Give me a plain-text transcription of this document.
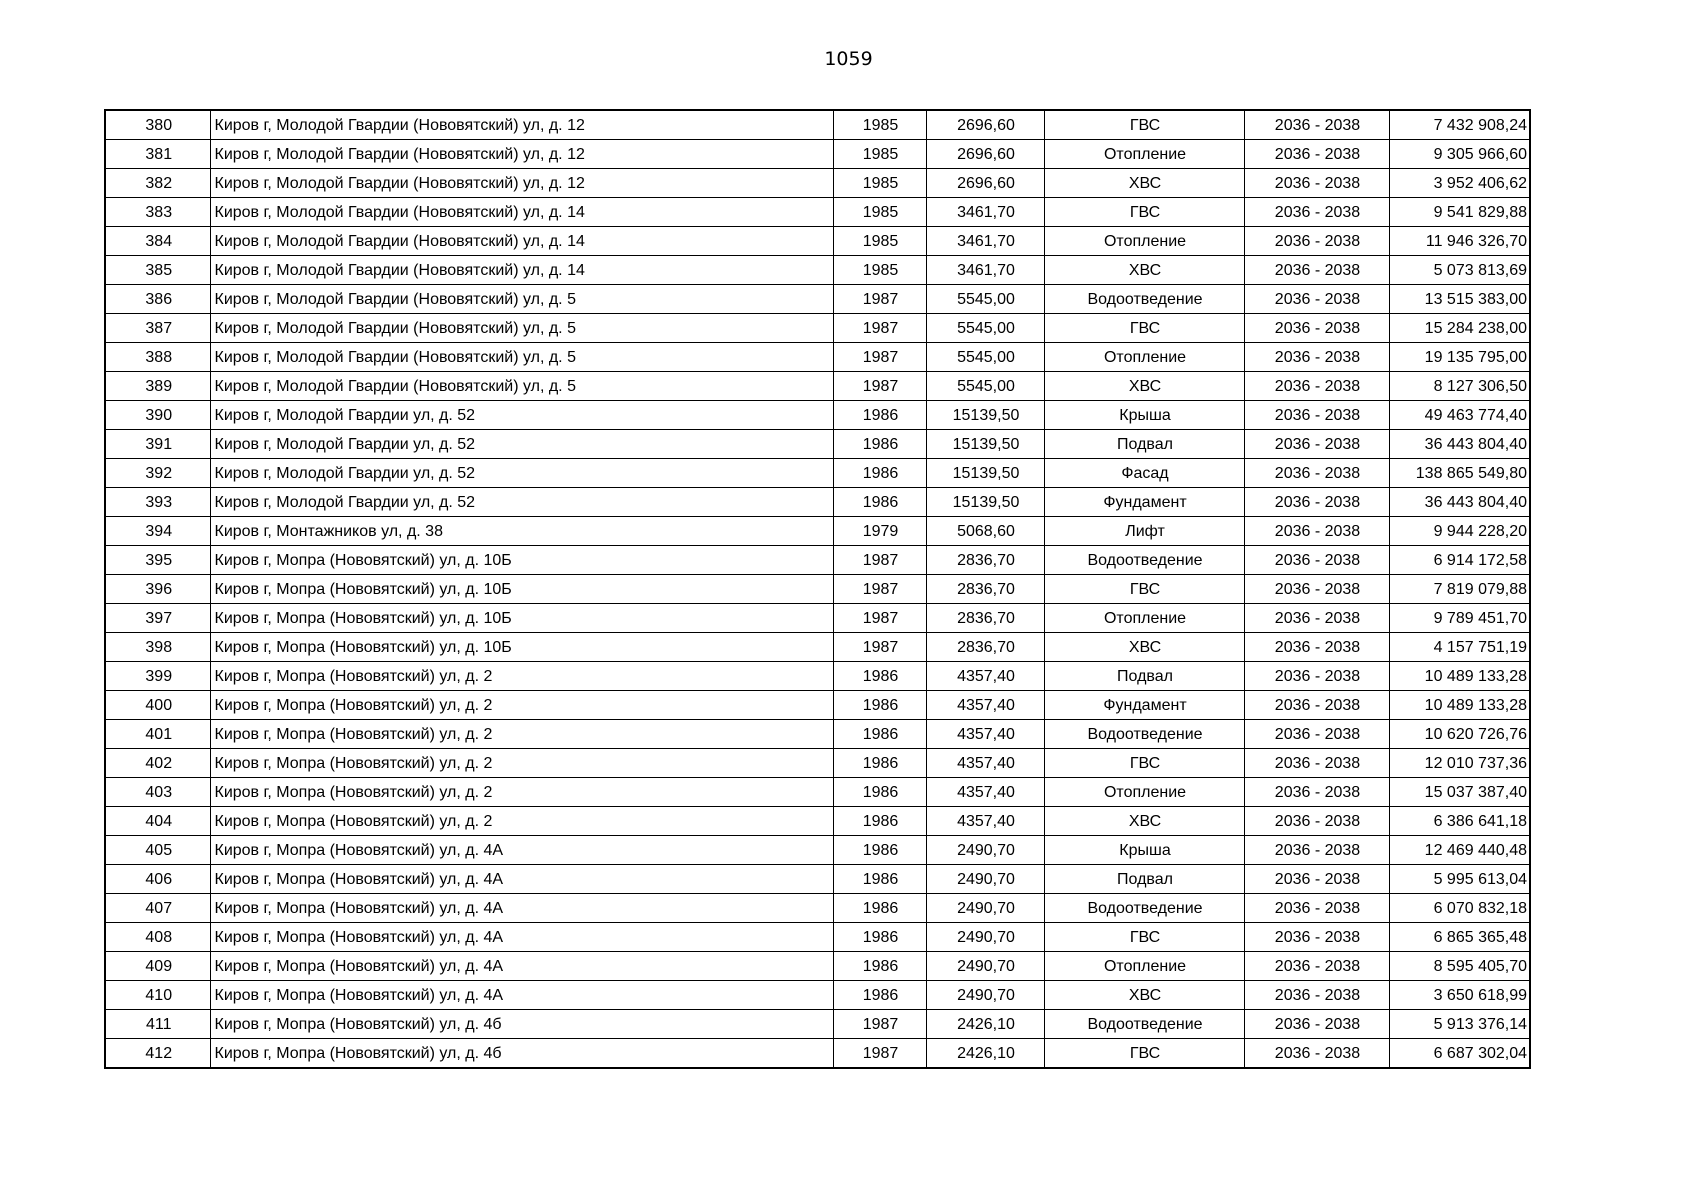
1059
380	Киров г, Молодой Гвардии (Нововятский) ул, д. 12	1985	2696,60	ГВС	2036 - 2038	7 432 908,24
381	Киров г, Молодой Гвардии (Нововятский) ул, д. 12	1985	2696,60	Отопление	2036 - 2038	9 305 966,60
382	Киров г, Молодой Гвардии (Нововятский) ул, д. 12	1985	2696,60	ХВС	2036 - 2038	3 952 406,62
383	Киров г, Молодой Гвардии (Нововятский) ул, д. 14	1985	3461,70	ГВС	2036 - 2038	9 541 829,88
384	Киров г, Молодой Гвардии (Нововятский) ул, д. 14	1985	3461,70	Отопление	2036 - 2038	11 946 326,70
385	Киров г, Молодой Гвардии (Нововятский) ул, д. 14	1985	3461,70	ХВС	2036 - 2038	5 073 813,69
386	Киров г, Молодой Гвардии (Нововятский) ул, д. 5	1987	5545,00	Водоотведение	2036 - 2038	13 515 383,00
387	Киров г, Молодой Гвардии (Нововятский) ул, д. 5	1987	5545,00	ГВС	2036 - 2038	15 284 238,00
388	Киров г, Молодой Гвардии (Нововятский) ул, д. 5	1987	5545,00	Отопление	2036 - 2038	19 135 795,00
389	Киров г, Молодой Гвардии (Нововятский) ул, д. 5	1987	5545,00	ХВС	2036 - 2038	8 127 306,50
390	Киров г, Молодой Гвардии ул, д. 52	1986	15139,50	Крыша	2036 - 2038	49 463 774,40
391	Киров г, Молодой Гвардии ул, д. 52	1986	15139,50	Подвал	2036 - 2038	36 443 804,40
392	Киров г, Молодой Гвардии ул, д. 52	1986	15139,50	Фасад	2036 - 2038	138 865 549,80
393	Киров г, Молодой Гвардии ул, д. 52	1986	15139,50	Фундамент	2036 - 2038	36 443 804,40
394	Киров г, Монтажников ул, д. 38	1979	5068,60	Лифт	2036 - 2038	9 944 228,20
395	Киров г, Мопра (Нововятский) ул, д. 10Б	1987	2836,70	Водоотведение	2036 - 2038	6 914 172,58
396	Киров г, Мопра (Нововятский) ул, д. 10Б	1987	2836,70	ГВС	2036 - 2038	7 819 079,88
397	Киров г, Мопра (Нововятский) ул, д. 10Б	1987	2836,70	Отопление	2036 - 2038	9 789 451,70
398	Киров г, Мопра (Нововятский) ул, д. 10Б	1987	2836,70	ХВС	2036 - 2038	4 157 751,19
399	Киров г, Мопра (Нововятский) ул, д. 2	1986	4357,40	Подвал	2036 - 2038	10 489 133,28
400	Киров г, Мопра (Нововятский) ул, д. 2	1986	4357,40	Фундамент	2036 - 2038	10 489 133,28
401	Киров г, Мопра (Нововятский) ул, д. 2	1986	4357,40	Водоотведение	2036 - 2038	10 620 726,76
402	Киров г, Мопра (Нововятский) ул, д. 2	1986	4357,40	ГВС	2036 - 2038	12 010 737,36
403	Киров г, Мопра (Нововятский) ул, д. 2	1986	4357,40	Отопление	2036 - 2038	15 037 387,40
404	Киров г, Мопра (Нововятский) ул, д. 2	1986	4357,40	ХВС	2036 - 2038	6 386 641,18
405	Киров г, Мопра (Нововятский) ул, д. 4А	1986	2490,70	Крыша	2036 - 2038	12 469 440,48
406	Киров г, Мопра (Нововятский) ул, д. 4А	1986	2490,70	Подвал	2036 - 2038	5 995 613,04
407	Киров г, Мопра (Нововятский) ул, д. 4А	1986	2490,70	Водоотведение	2036 - 2038	6 070 832,18
408	Киров г, Мопра (Нововятский) ул, д. 4А	1986	2490,70	ГВС	2036 - 2038	6 865 365,48
409	Киров г, Мопра (Нововятский) ул, д. 4А	1986	2490,70	Отопление	2036 - 2038	8 595 405,70
410	Киров г, Мопра (Нововятский) ул, д. 4А	1986	2490,70	ХВС	2036 - 2038	3 650 618,99
411	Киров г, Мопра (Нововятский) ул, д. 4б	1987	2426,10	Водоотведение	2036 - 2038	5 913 376,14
412	Киров г, Мопра (Нововятский) ул, д. 4б	1987	2426,10	ГВС	2036 - 2038	6 687 302,04
